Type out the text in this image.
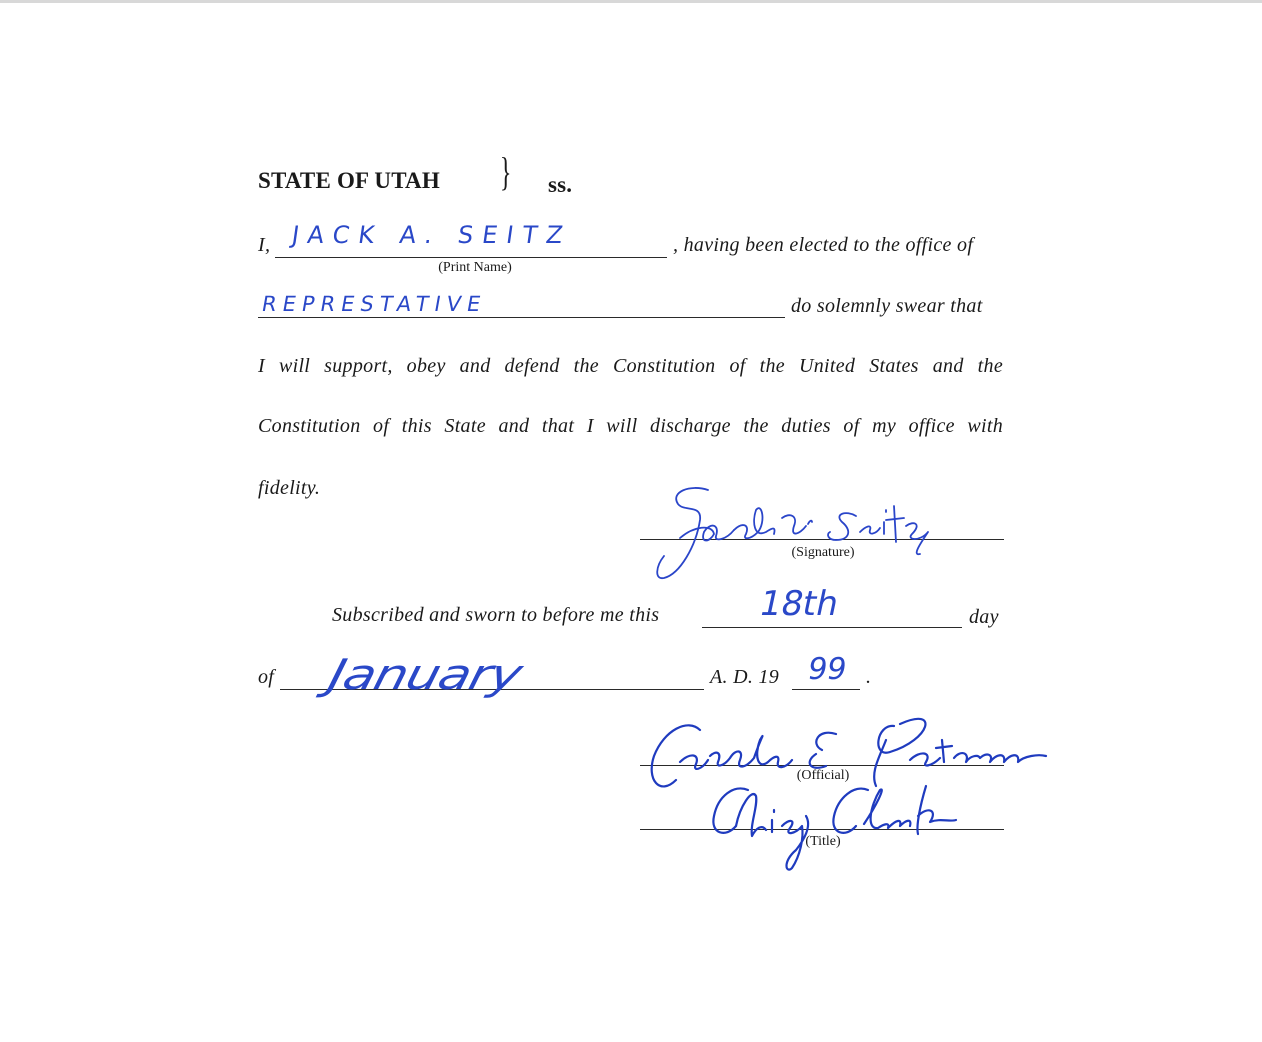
STATE OF UTAH } ss.
I, JACK A. SEITZ
(Print Name)
, having been elected to the office of
REPRESTATIVE	do solemnly swear that
I will support, obey and defend the Constitution of the United States and the
Constitution of this State and that I will discharge the duties of my office with
fidelity.
(Signature)
Subscribed and sworn to before me this	18th	day
of January	A. D. 19 99 .
(Official)
(Title)
